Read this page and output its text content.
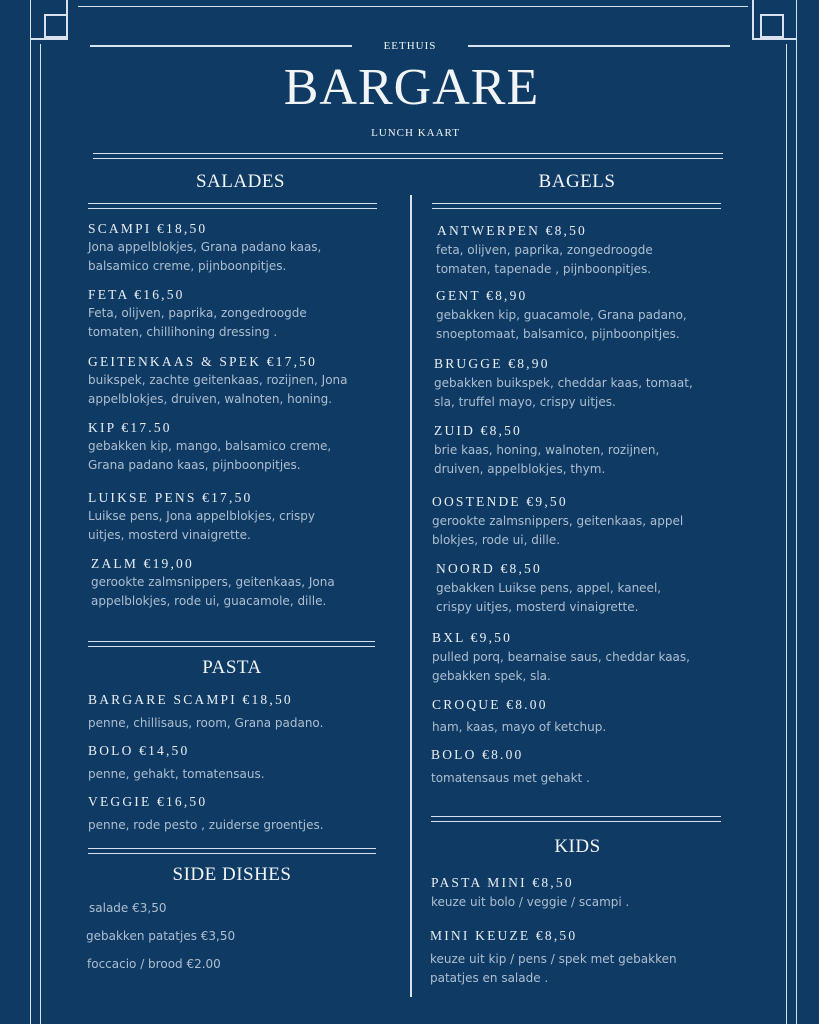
EETHUIS
BARGARE
LUNCH KAART
SALADES
SCAMPI €18,50
Jona appelblokjes, Grana padano kaas,
balsamico creme, pijnboonpitjes.
FETA €16,50
Feta, olijven, paprika, zongedroogde
tomaten, chillihoning dressing .
GEITENKAAS & SPEK €17,50
buikspek, zachte geitenkaas, rozijnen, Jona
appelblokjes, druiven, walnoten, honing.
KIP €17.50
gebakken kip, mango, balsamico creme,
Grana padano kaas, pijnboonpitjes.
LUIKSE PENS €17,50
Luikse pens, Jona appelblokjes, crispy
uitjes, mosterd vinaigrette.
ZALM €19,00
gerookte zalmsnippers, geitenkaas, Jona
appelblokjes, rode ui, guacamole, dille.
PASTA
BARGARE SCAMPI €18,50
penne, chillisaus, room, Grana padano.
BOLO €14,50
penne, gehakt, tomatensaus.
VEGGIE €16,50
penne, rode pesto , zuiderse groentjes.
SIDE DISHES
salade €3,50
gebakken patatjes €3,50
foccacio / brood €2.00
BAGELS
ANTWERPEN €8,50
feta, olijven, paprika, zongedroogde
tomaten, tapenade , pijnboonpitjes.
GENT €8,90
gebakken kip, guacamole, Grana padano,
snoeptomaat, balsamico, pijnboonpitjes.
BRUGGE €8,90
gebakken buikspek, cheddar kaas, tomaat,
sla, truffel mayo, crispy uitjes.
ZUID €8,50
brie kaas, honing, walnoten, rozijnen,
druiven, appelblokjes, thym.
OOSTENDE €9,50
gerookte zalmsnippers, geitenkaas, appel
blokjes, rode ui, dille.
NOORD €8,50
gebakken Luikse pens, appel, kaneel,
crispy uitjes, mosterd vinaigrette.
BXL €9,50
pulled porq, bearnaise saus, cheddar kaas,
gebakken spek, sla.
CROQUE €8.00
ham, kaas, mayo of ketchup.
BOLO €8.00
tomatensaus met gehakt .
KIDS
PASTA MINI €8,50
keuze uit bolo / veggie / scampi .
MINI KEUZE €8,50
keuze uit kip / pens / spek met gebakken
patatjes en salade .
